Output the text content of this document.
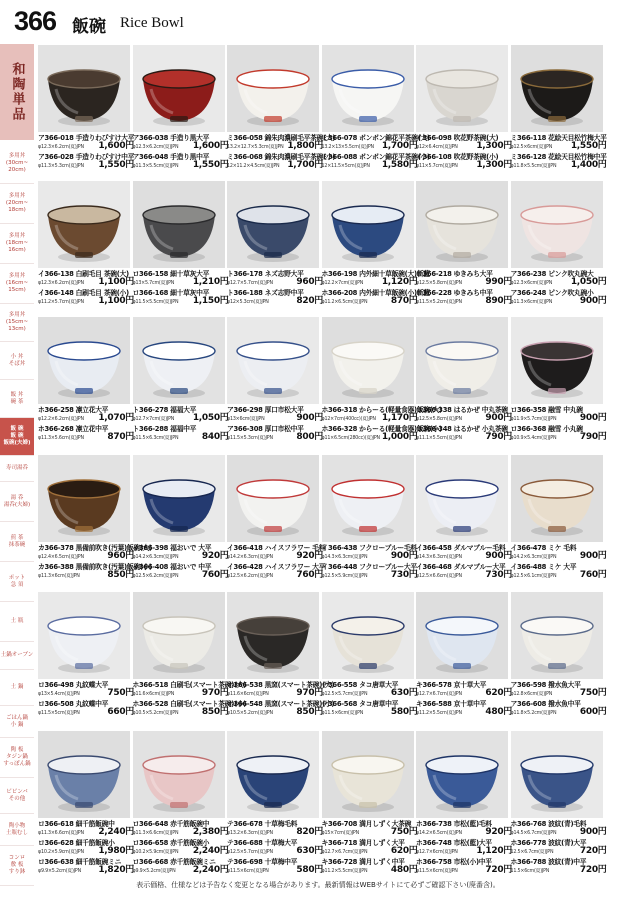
366 飯碗 Rice Bowl
和陶単品
多用丼
(30cm~
20cm)
多用丼
(20cm~
18cm)
多用丼
(18cm~
16cm)
多用丼
(16cm~
15cm)
多用丼
(15cm~
13cm)
小 丼
そば丼
飯 丼
碗 茶
飯 碗
飯 碗
飯碗(夫婦)
寿司湯呑
湯 呑
湯呑(夫婦)
煎 茶
抹茶碗
ポット
急 須
土 瓶
土鍋オーブン
土 鍋
ごはん鍋
小 鍋
陶 板
タジン鍋
すっぽん鍋
ビビンバ
その他
陶小物
土瓶むし
コンロ
敷 板
すり鉢
ア366-018 手造りわびすけ大平
φ12.3×6.2cm(夏)JPN 1,600円
ア366-028 手造りわびすけ中平
φ11.3×5.3cm(夏)JPN 1,550円
ア366-038 手造り黒大平
φ12.3×6.2cm(夏)JPN 1,600円
ア366-048 手造り黒中平
φ11.3×5.5cm(夏)JPN 1,550円
ミ366-058 錦朱肉濃刷毛平茶碗(大)
13.2×12.7×5.3cm(夏)JPN 1,800円
ミ366-068 錦朱肉濃刷毛平茶碗(小)
12×11.2×4.5cm(夏)JPN 1,700円
ミ366-078 ボンボン錦花平茶碗(大)
13.2×13×5.5cm(夏)JPN 1,700円
ミ366-088 ボンボン錦花平茶碗(小)
12×11.5×5cm(夏)JPN 1,580円
イ366-098 吹花野茶碗(大)
φ12×6.4cm(夏)JPN 1,300円
イ366-108 吹花野茶碗(小)
φ11×5.7cm(夏)JPN 1,300円
ミ366-118 花絵天目松竹梅大平
φ12.5×6cm(夏)JPN 1,550円
ミ366-128 花絵天目松竹梅中平
φ11.8×5.5cm(夏)JPN 1,400円
イ366-138 白刷毛目 茶碗(大)
φ12.3×6.2cm(夏)JPN 1,100円
イ366-148 白刷毛目 茶碗(小)
φ11.2×5.7cm(夏)JPN 1,100円
ロ366-158 細十草灰大平
φ13×5.7cm(夏)JPN 1,210円
ロ366-168 細十草灰中平
φ11.5×5.5cm(夏)JPN 1,150円
ト366-178 ネズ志野大平
φ12.7×5.7cm(夏)JPN	960円
ト366-188 ネズ志野中平
φ12×5.3cm(夏)JPN	820円
ホ366-198 内外細十草飯碗(大)斬藍
φ12.2×7cm(夏)JPN 1,120円
ホ366-208 内外細十草飯碗(小)斬藍
φ11.2×6.5cm(夏)JPN	870円
ロ366-218 ゆきみち大平
φ12.5×5.8cm(夏)JPN	990円
ロ366-228 ゆきみち中平
φ11.5×5.2cm(夏)JPN	890円
ア366-238 ピンク吹丸碗大
φ12.3×6cm(夏)JPN 1,050円
ア366-248 ピンク吹丸碗小
φ11.3×6cm(夏)JPN	900円
ホ366-258 凛立花大平
φ12.2×6.2cm(夏)JPN 1,070円
ホ366-268 凛立花中平
φ11.3×5.6cm(夏)JPN	870円
ト366-278 福福大平
φ12.7×7cm(夏)JPN 1,050円
ト366-288 福福中平
φ11.5×6.3cm(夏)JPN	840円
ア366-298 厚口市松大平
φ13×6cm(夏)JPN	900円
ア366-308 厚口市松中平
φ11.5×5.3cm(夏)JPN	800円
ホ366-318 からーる(軽量食器)飯碗(大)
φ12×7cm(400cc)(夏)JPN 1,170円
ホ366-328 からーる(軽量食器)飯碗(小)
φ11×6.5cm(280cc)(夏)JPN 1,000円
ロ366-338 はるかぜ 中丸茶碗
φ12.5×5.8cm(夏)JPN	900円
ロ366-348 はるかぜ 小丸茶碗
φ11.1×5.5cm(夏)JPN	790円
ロ366-358 融雪 中丸碗
φ11.9×5.7cm(夏)JPN	900円
ロ366-368 融雪 小丸碗
φ10.9×5.4cm(夏)JPN	790円
カ366-378 黒備前吹き(汚葉)飯碗(大)
φ12.4×6.5cm(夏)JPN	960円
カ366-388 黒備前吹き(汚葉)飯碗(小)
φ11.3×6cm(夏)JPN	850円
イ366-398 福おいで 大平
φ14.2×6.3cm(夏)JPN	920円
イ366-408 福おいで 中平
φ12.5×6.2cm(夏)JPN	760円
イ366-418 ハイスフラワー 毛料
φ14.2×6.3cm(夏)JPN	920円
イ366-428 ハイスフラワー 大平
φ12.5×6.2cm(夏)JPN	760円
イ366-438 フクロープルー毛料
φ14.3×6.3cm(夏)JPN	900円
イ366-448 フクロープルー大平
φ12.5×5.9cm(夏)JPN	730円
イ366-458 ダルマブルー毛料
φ14.3×6.3cm(夏)JPN	900円
イ366-468 ダルマブルー大平
φ12.5×6.6cm(夏)JPN	730円
イ366-478 ミケ 毛料
φ14.2×6.3cm(夏)JPN	900円
イ366-488 ミケ 大平
φ12.5×6.1cm(夏)JPN	760円
ロ366-498 丸紋蝶大平
φ13×5.4cm(夏)JPN	750円
ロ366-508 丸紋蝶中平
φ11.5×5cm(夏)JPN	660円
ホ366-518 白刷毛(スマート茶碗)(大)
φ11.6×6cm(夏)JPN	970円
ホ366-528 白刷毛(スマート茶碗)(小)
φ10.5×5.2cm(夏)JPN	850円
ホ366-538 黒窯(スマート茶碗)(大)
φ11.6×6cm(夏)JPN	970円
ホ366-548 黒窯(スマート茶碗)(小)
φ10.5×5.2cm(夏)JPN	850円
テ366-558 タコ唐草大平
φ12.5×5.7cm(夏)JPN	630円
テ366-568 タコ唐草中平
φ11.5×6cm(夏)JPN	580円
キ366-578 京十草大平
φ12.7×6.7cm(夏)JPN	620円
キ366-588 京十草中平
φ11.2×5.5cm(夏)JPN	480円
ア366-598 撥水魚大平
φ12.8×6cm(夏)JPN	750円
ア366-608 撥水魚中平
φ11.8×5.2cm(夏)JPN	600円
ロ366-618 細千筋飯碗中
φ11.3×6.6cm(夏)JPN 2,240円
ロ366-628 細千筋飯碗小
φ10.2×5.9cm(夏)JPN 1,980円
ロ366-638 細千筋飯碗ミニ
φ9.9×5.2cm(夏)JPN 1,820円
ロ366-648 赤千筋飯碗中
φ11.3×6.6cm(夏)JPN 2,380円
ロ366-658 赤千筋飯碗小
φ10.2×5.9cm(夏)JPN 2,240円
ロ366-668 赤千筋飯碗ミニ
φ9.9×5.2cm(夏)JPN 2,240円
テ366-678 十草梅毛料
φ13.2×6.3cm(夏)JPN	820円
テ366-688 十草梅大平
φ12.5×5.7cm(夏)JPN	630円
テ366-698 十草梅中平
φ11.5×6cm(夏)JPN	580円
キ366-708 満月しずく大茶碗
φ15×7cm(夏)JPN	750円
キ366-718 満月しずく大平
φ12.7×6.7cm(夏)JPN	620円
キ366-728 満月しずく中平
φ11.2×5.5cm(夏)JPN	480円
ホ366-738 市松(藍)毛料
φ14.2×6.5cm(夏)JPN	920円
ホ366-748 市松(藍)大平
φ12.7×6cm(夏)JPN 1,120円
ホ366-758 市松(小)中平
φ11.5×6cm(夏)JPN	720円
ホ366-768 波紋(青)毛料
φ14.5×6.7cm(夏)JPN	900円
ホ366-778 波紋(青)大平
12.5×6.7cm(夏)JPN	720円
ホ366-788 波紋(青)中平
11.5×6cm(夏)JPN	720円
表示価格、仕様などは予告なく変更となる場合があります。最新情報はWEBサイトにて必ずご確認下さい(廃番含)。
